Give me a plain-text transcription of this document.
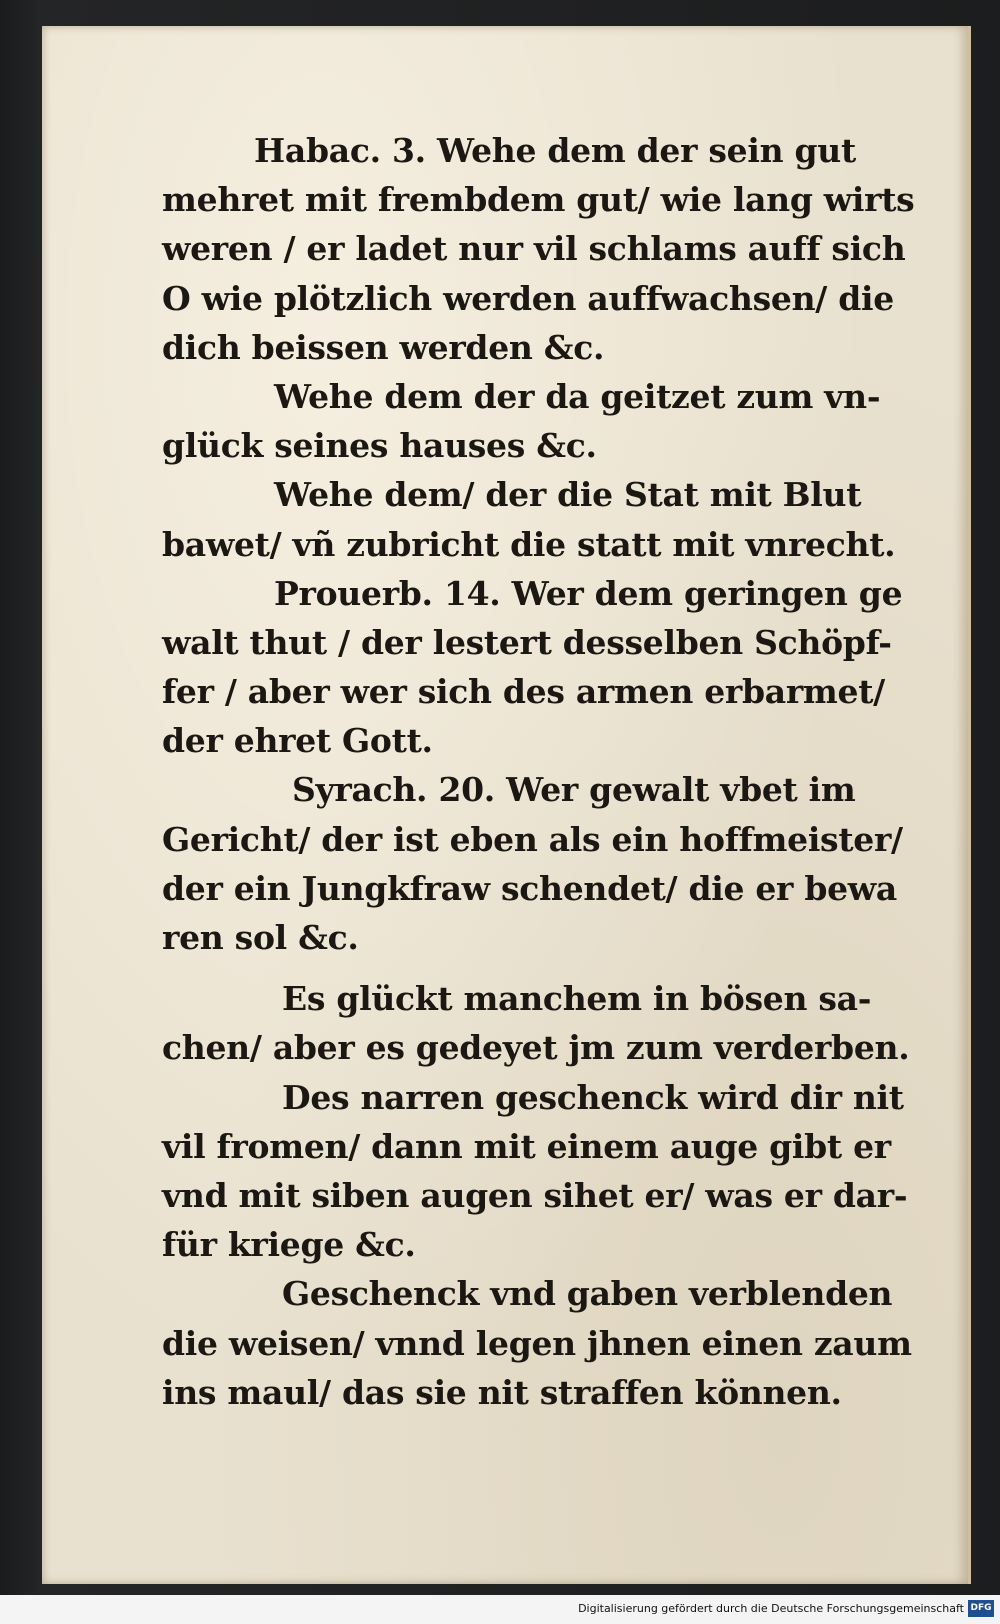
Habac. 3. Wehe dem der sein gut
mehret mit frembdem gut/ wie lang wirts
weren / er ladet nur vil schlams auff sich
O wie plötzlich werden auffwachsen/ die
dich beissen werden &c.
Wehe dem der da geitzet zum vn-
glück seines hauses &c.
Wehe dem/ der die Stat mit Blut
bawet/ vñ zubricht die statt mit vnrecht.
Prouerb. 14. Wer dem geringen ge
walt thut / der lestert desselben Schöpf-
fer / aber wer sich des armen erbarmet/
der ehret Gott.
Syrach. 20. Wer gewalt vbet im
Gericht/ der ist eben als ein hoffmeister/
der ein Jungkfraw schendet/ die er bewa
ren sol &c.
Es glückt manchem in bösen sa-
chen/ aber es gedeyet jm zum verderben.
Des narren geschenck wird dir nit
vil fromen/ dann mit einem auge gibt er
vnd mit siben augen sihet er/ was er dar-
für kriege &c.
Geschenck vnd gaben verblenden
die weisen/ vnnd legen jhnen einen zaum
ins maul/ das sie nit straffen können.
Digitalisierung gefördert durch die Deutsche Forschungsgemeinschaft DFG
